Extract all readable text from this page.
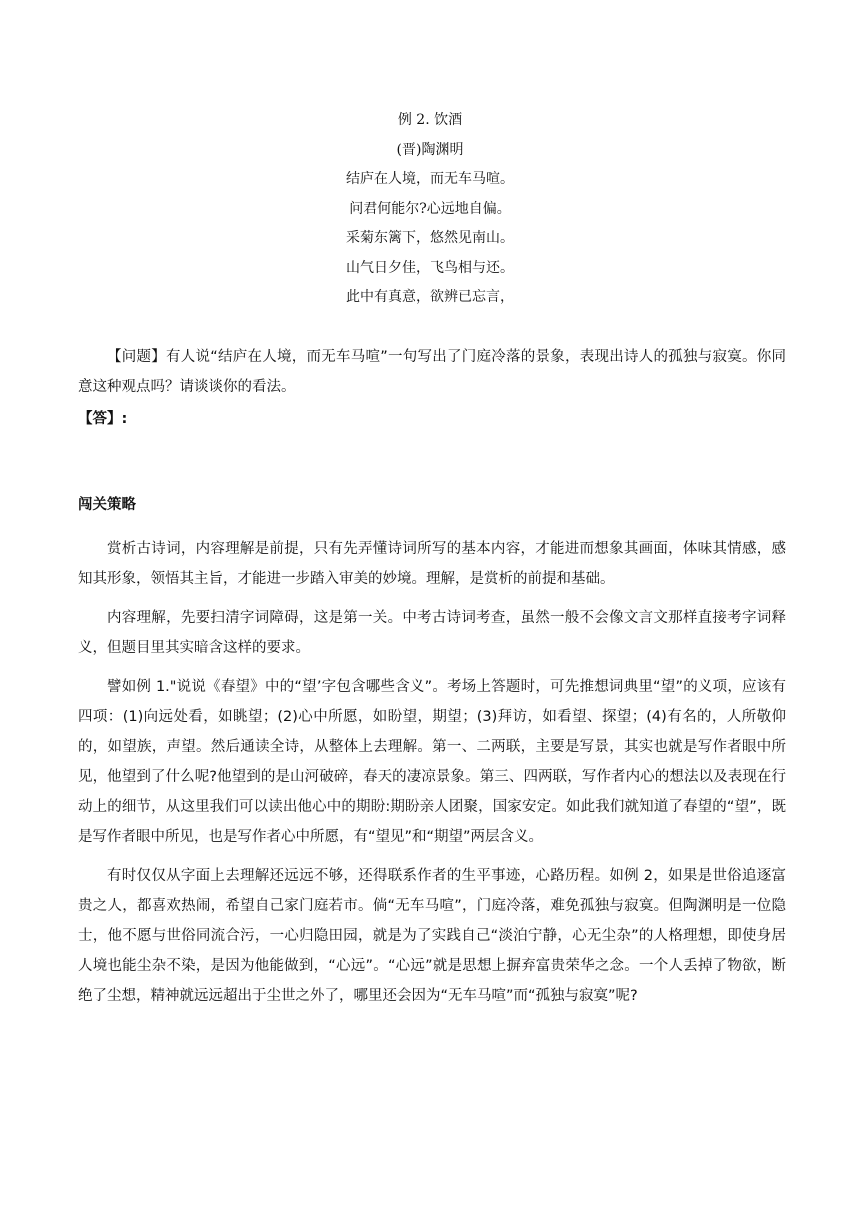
例 2. 饮酒

(晋)陶渊明

结庐在人境，而无车马喧。

问君何能尔?心远地自偏。

采菊东篱下，悠然见南山。

山气日夕佳，飞鸟相与还。

此中有真意，欲辨已忘言，

【问题】有人说“结庐在人境，而无车马喧”一句写出了门庭冷落的景象，表现出诗人的孤独与寂寞。你同意这种观点吗？请谈谈你的看法。

【答】:

闯关策略

赏析古诗词，内容理解是前提，只有先弄懂诗词所写的基本内容，才能进而想象其画面，体味其情感，感知其形象，领悟其主旨，才能进一步踏入审美的妙境。理解，是赏析的前提和基础。

内容理解，先要扫清字词障碍，这是第一关。中考古诗词考查，虽然一般不会像文言文那样直接考字词释义，但题目里其实暗含这样的要求。

譬如例 1."说说《春望》中的“望’字包含哪些含义”。考场上答题时，可先推想词典里“望”的义项，应该有四项：(1)向远处看，如眺望；(2)心中所愿，如盼望，期望；(3)拜访，如看望、探望；(4)有名的，人所敬仰的，如望族，声望。然后通读全诗，从整体上去理解。第一、二两联，主要是写景，其实也就是写作者眼中所见，他望到了什么呢?他望到的是山河破碎，春天的凄凉景象。第三、四两联，写作者内心的想法以及表现在行动上的细节，从这里我们可以读出他心中的期盼:期盼亲人团聚，国家安定。如此我们就知道了春望的“望”，既是写作者眼中所见，也是写作者心中所愿，有“望见”和“期望”两层含义。

有时仅仅从字面上去理解还远远不够，还得联系作者的生平事迹，心路历程。如例 2，如果是世俗追逐富贵之人，都喜欢热闹，希望自己家门庭若市。倘“无车马喧”，门庭冷落，难免孤独与寂寞。但陶渊明是一位隐士，他不愿与世俗同流合污，一心归隐田园，就是为了实践自己“淡泊宁静，心无尘杂”的人格理想，即使身居人境也能尘杂不染，是因为他能做到，“心远”。“心远”就是思想上摒弃富贵荣华之念。一个人丢掉了物欲，断绝了尘想，精神就远远超出于尘世之外了，哪里还会因为“无车马喧”而“孤独与寂寞”呢?
